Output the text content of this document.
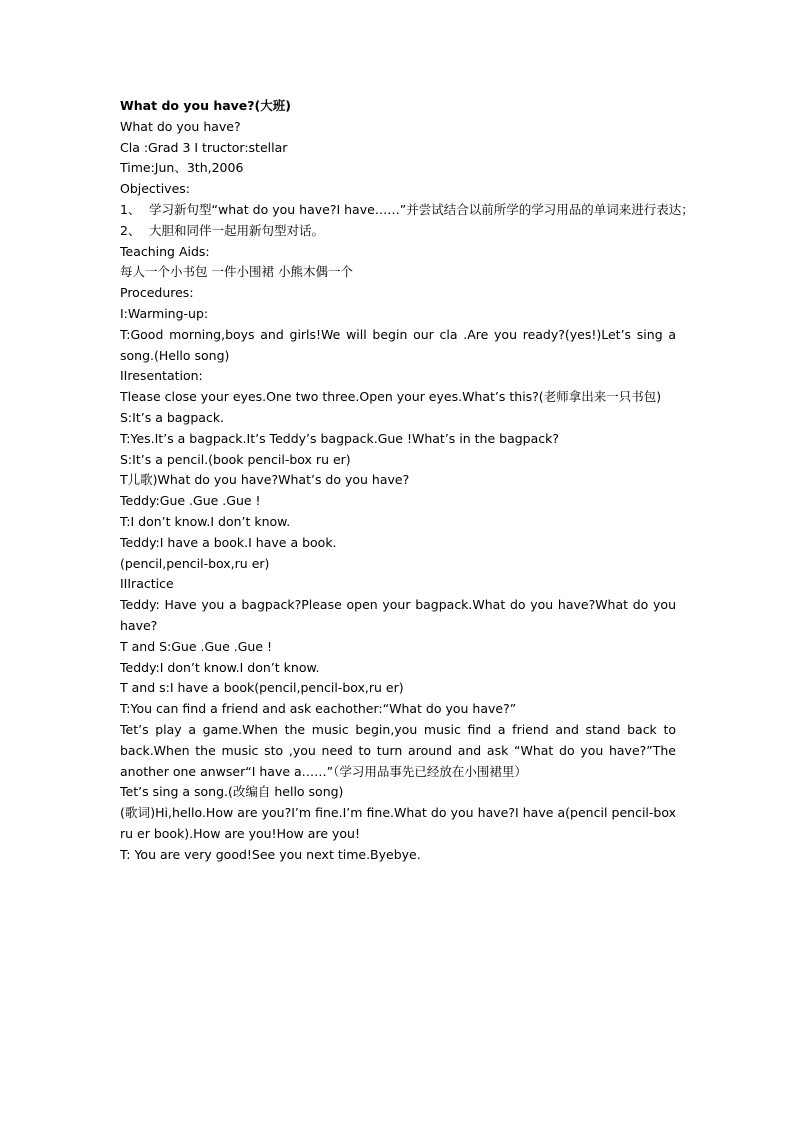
What do you have?(大班)
What do you have?
Cla :Grad 3 I tructor:stellar
Time:Jun、3th,2006
Objectives:
1、 学习新句型“what do you have?I have……”并尝试结合以前所学的学习用品的单词来进行表达；
2、 大胆和同伴一起用新句型对话。
Teaching Aids:
每人一个小书包 一件小围裙 小熊木偶一个
Procedures:
I:Warming-up:
T:Good morning,boys and girls!We will begin our cla .Are you ready?(yes!)Let’s sing a song.(Hello song)
IIresentation:
Tlease close your eyes.One two three.Open your eyes.What’s this?(老师拿出来一只书包)
S:It’s a bagpack.
T:Yes.It’s a bagpack.It’s Teddy’s bagpack.Gue !What’s in the bagpack?
S:It’s a pencil.(book pencil-box ru er)
T儿歌)What do you have?What’s do you have?
Teddy:Gue .Gue .Gue !
T:I don’t know.I don’t know.
Teddy:I have a book.I have a book.
(pencil,pencil-box,ru er)
IIIractice
Teddy: Have you a bagpack?Please open your bagpack.What do you have?What do you have?
T and S:Gue .Gue .Gue !
Teddy:I don’t know.I don’t know.
T and s:I have a book(pencil,pencil-box,ru er)
T:You can find a friend and ask eachother:“What do you have?”
Tet’s play a game.When the music begin,you music find a friend and stand back to back.When the music sto ,you need to turn around and ask “What do you have?”The another one anwser“I have a……”（学习用品事先已经放在小围裙里）
Tet’s sing a song.(改编自 hello song)
(歌词)Hi,hello.How are you?I’m fine.I’m fine.What do you have?I have a(pencil pencil-box ru er book).How are you!How are you!
T: You are very good!See you next time.Byebye.
